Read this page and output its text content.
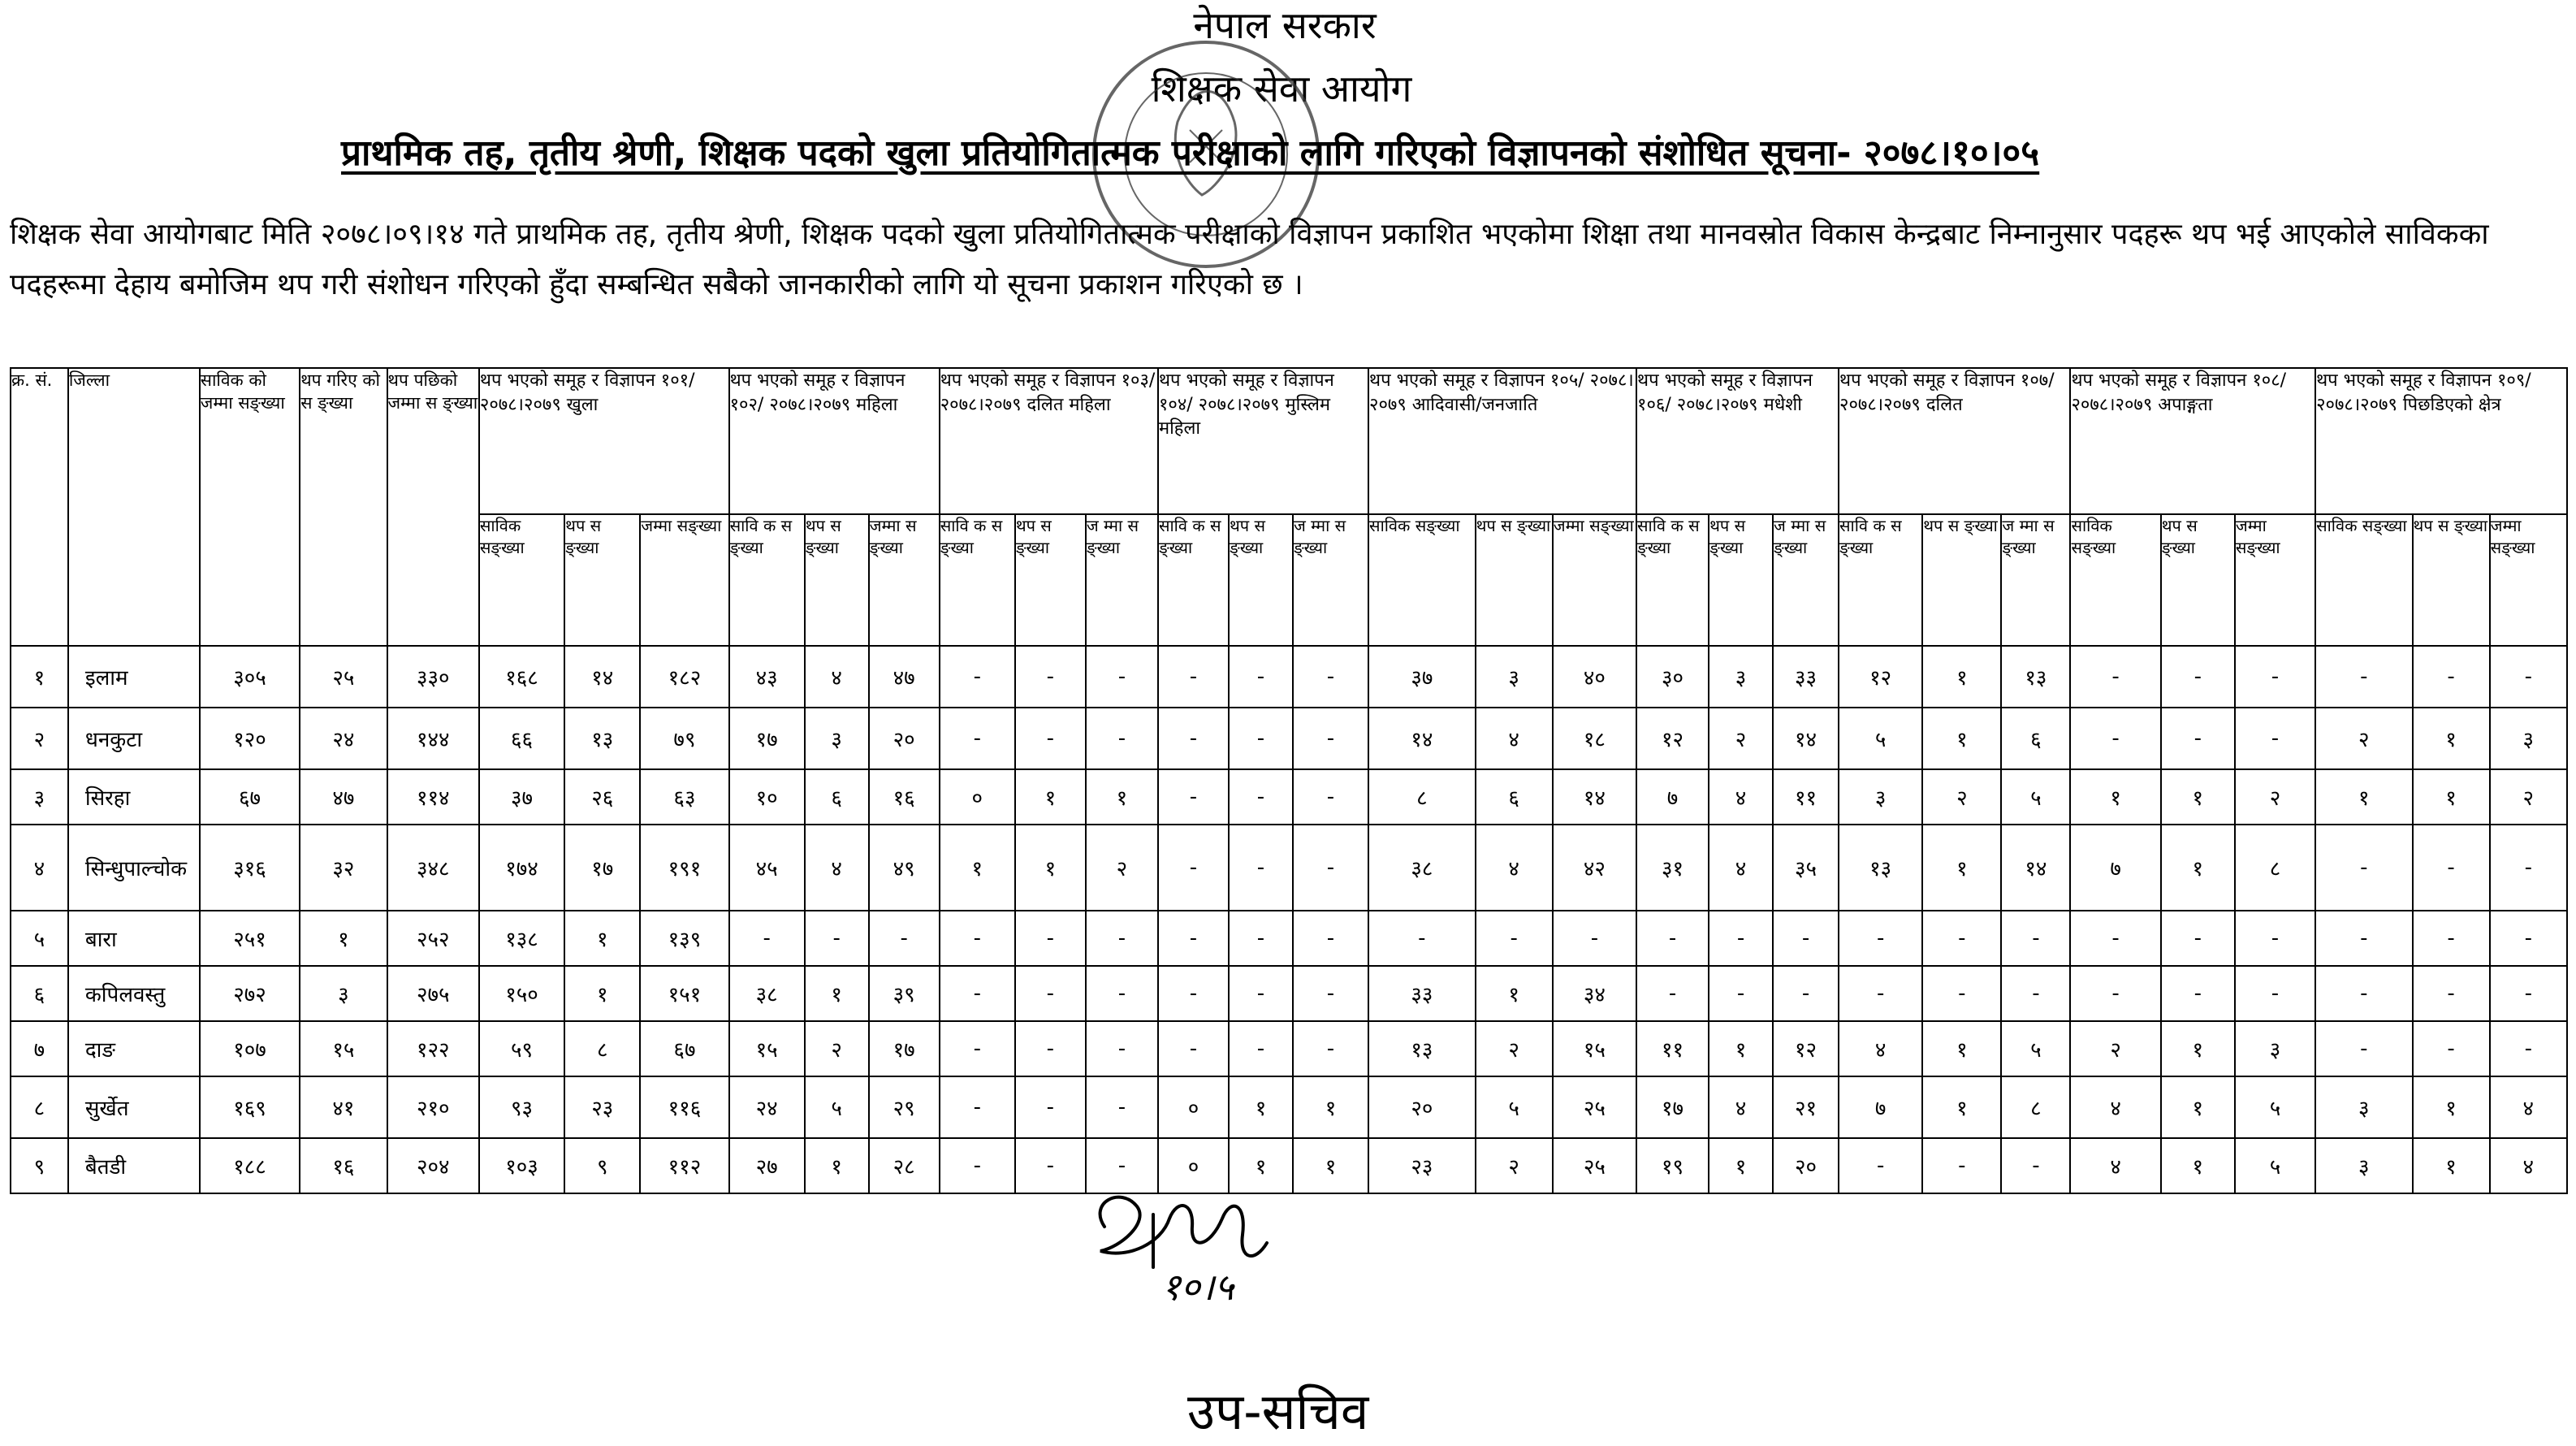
नेपाल सरकार
शिक्षक सेवा आयोग
प्राथमिक तह, तृतीय श्रेणी, शिक्षक पदको खुला प्रतियोगितात्मक परीक्षाको लागि गरिएको विज्ञापनको संशोधित सूचना- २०७८।१०।०५
शिक्षक सेवा आयोगबाट मिति २०७८।०९।१४ गते प्राथमिक तह, तृतीय श्रेणी, शिक्षक पदको खुला प्रतियोगितात्मक परीक्षाको विज्ञापन प्रकाशित भएकोमा शिक्षा तथा मानवस्रोत विकास केन्द्रबाट निम्नानुसार पदहरू थप भई आएकोले साविकका पदहरूमा देहाय बमोजिम थप गरी संशोधन गरिएको हुँदा सम्बन्धित सबैको जानकारीको लागि यो सूचना प्रकाशन गरिएको छ ।
क्र. सं.	जिल्ला	साविक को जम्मा सङ्ख्या	थप गरिए को स ङ्ख्या	थप पछिको जम्मा स ङ्ख्या	थप भएको समूह र विज्ञापन १०१/ २०७८।२०७९ खुला			थप भएको समूह र विज्ञापन १०२/ २०७८।२०७९ महिला			थप भएको समूह र विज्ञापन १०३/ २०७८।२०७९ दलित महिला			थप भएको समूह र विज्ञापन १०४/ २०७८।२०७९ मुस्लिम महिला			थप भएको समूह र विज्ञापन १०५/ २०७८।२०७९ आदिवासी/जनजाति			थप भएको समूह र विज्ञापन १०६/ २०७८।२०७९ मधेशी			थप भएको समूह र विज्ञापन १०७/ २०७८।२०७९ दलित			थप भएको समूह र विज्ञापन १०८/ २०७८।२०७९ अपाङ्गता			थप भएको समूह र विज्ञापन १०९/ २०७८।२०७९ पिछडिएको क्षेत्र		
					साविक सङ्ख्या	थप स ङ्ख्या	जम्मा सङ्ख्या	सावि क स ङ्ख्या	थप स ङ्ख्या	जम्मा स ङ्ख्या	सावि क स ङ्ख्या	थप स ङ्ख्या	ज म्मा स ङ्ख्या	सावि क स ङ्ख्या	थप स ङ्ख्या	ज म्मा स ङ्ख्या	साविक सङ्ख्या	थप स ङ्ख्या	जम्मा सङ्ख्या	सावि क स ङ्ख्या	थप स ङ्ख्या	ज म्मा स ङ्ख्या	सावि क स ङ्ख्या	थप स ङ्ख्या	ज म्मा स ङ्ख्या	साविक सङ्ख्या	थप स ङ्ख्या	जम्मा सङ्ख्या	साविक सङ्ख्या	थप स ङ्ख्या	जम्मा सङ्ख्या
१	इलाम	३०५	२५	३३०	१६८	१४	१८२	४३	४	४७	-	-	-	-	-	-	३७	३	४०	३०	३	३३	१२	१	१३	-	-	-	-	-	-
२	धनकुटा	१२०	२४	१४४	६६	१३	७९	१७	३	२०	-	-	-	-	-	-	१४	४	१८	१२	२	१४	५	१	६	-	-	-	२	१	३
३	सिरहा	६७	४७	११४	३७	२६	६३	१०	६	१६	०	१	१	-	-	-	८	६	१४	७	४	११	३	२	५	१	१	२	१	१	२
४	सिन्धुपाल्चोक	३१६	३२	३४८	१७४	१७	१९१	४५	४	४९	१	१	२	-	-	-	३८	४	४२	३१	४	३५	१३	१	१४	७	१	८	-	-	-
५	बारा	२५१	१	२५२	१३८	१	१३९	-	-	-	-	-	-	-	-	-	-	-	-	-	-	-	-	-	-	-	-	-	-	-	-
६	कपिलवस्तु	२७२	३	२७५	१५०	१	१५१	३८	१	३९	-	-	-	-	-	-	३३	१	३४	-	-	-	-	-	-	-	-	-	-	-	-
७	दाङ	१०७	१५	१२२	५९	८	६७	१५	२	१७	-	-	-	-	-	-	१३	२	१५	११	१	१२	४	१	५	२	१	३	-	-	-
८	सुर्खेत	१६९	४१	२१०	९३	२३	११६	२४	५	२९	-	-	-	०	१	१	२०	५	२५	१७	४	२१	७	१	८	४	१	५	३	१	४
९	बैतडी	१८८	१६	२०४	१०३	९	११२	२७	१	२८	-	-	-	०	१	१	२३	२	२५	१९	१	२०	-	-	-	४	१	५	३	१	४
१०।५
उप-सचिव
